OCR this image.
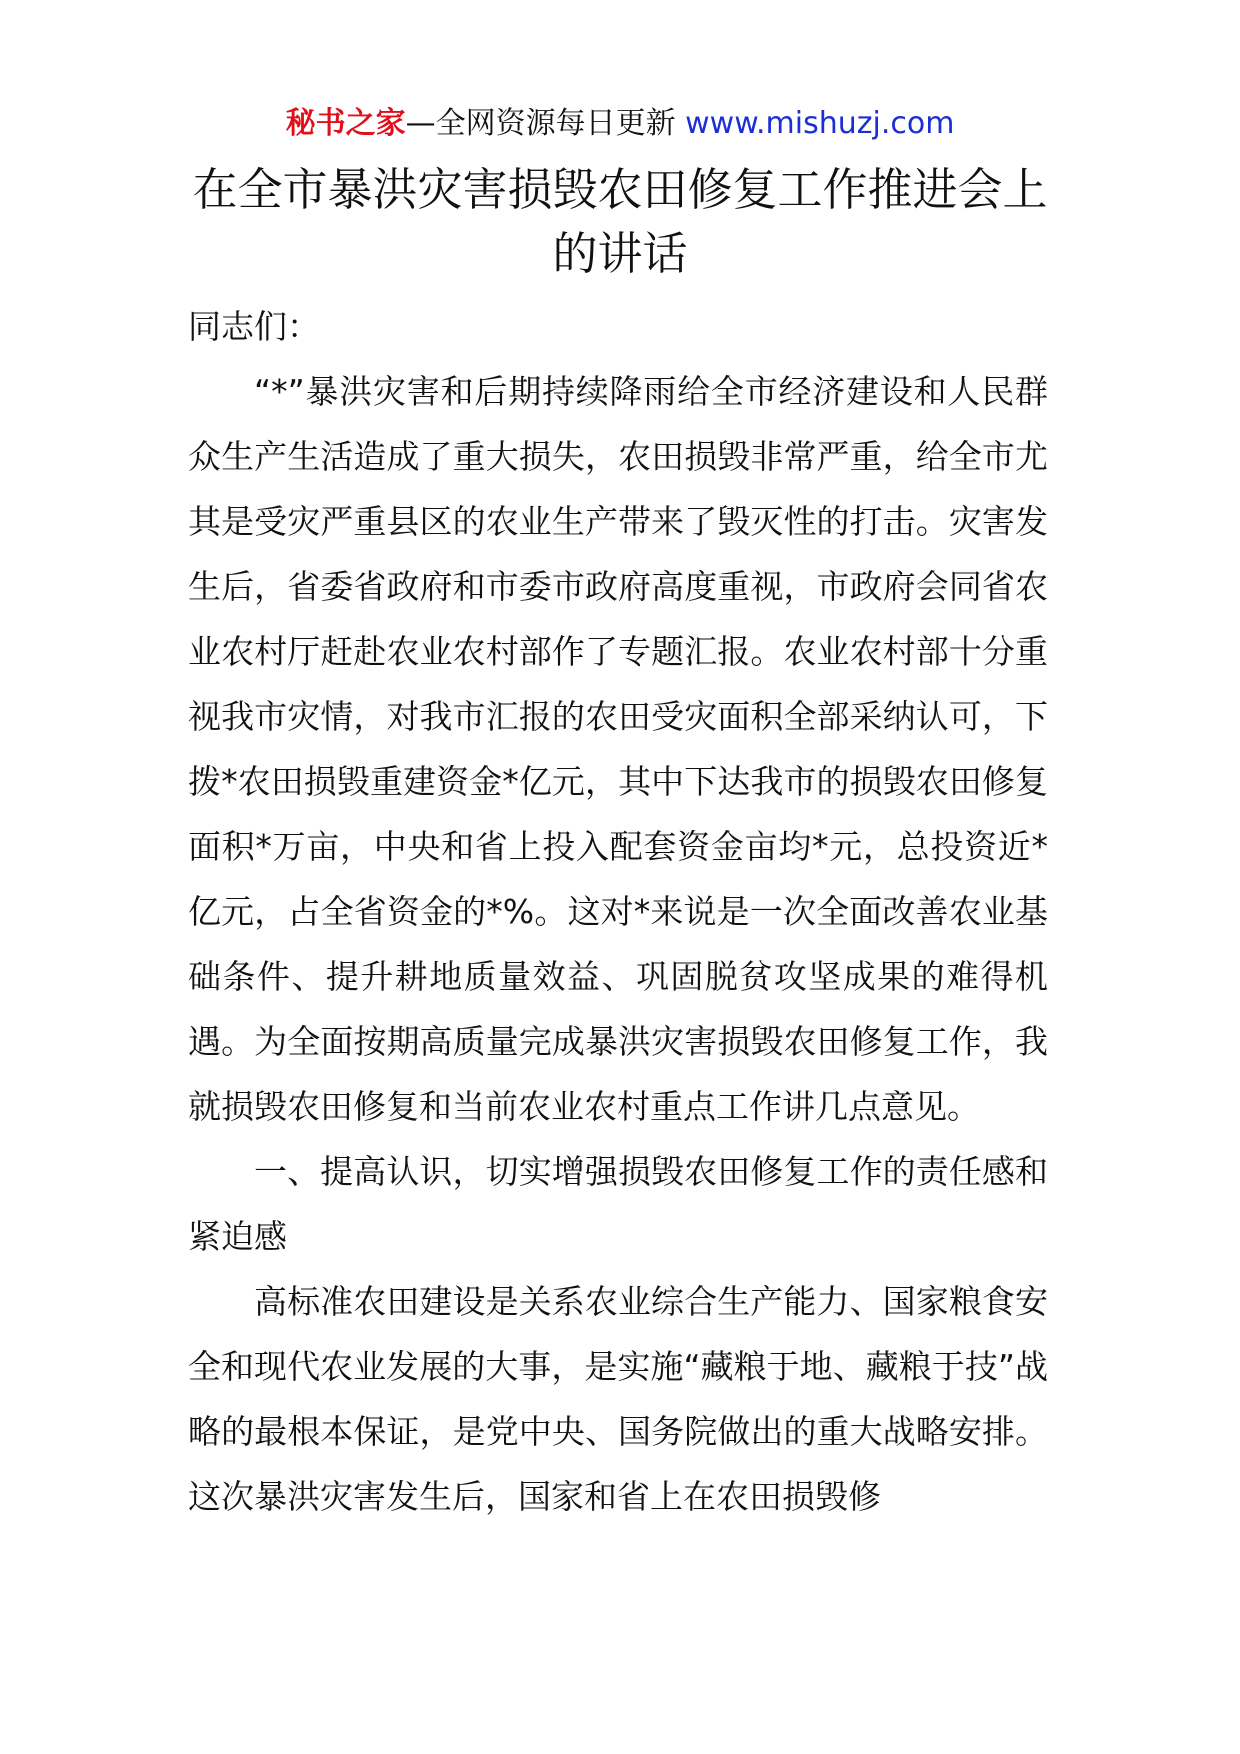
秘书之家—全网资源每日更新 www.mishuzj.com
在全市暴洪灾害损毁农田修复工作推进会上的讲话

同志们：

“*”暴洪灾害和后期持续降雨给全市经济建设和人民群众生产生活造成了重大损失，农田损毁非常严重，给全市尤其是受灾严重县区的农业生产带来了毁灭性的打击。灾害发生后，省委省政府和市委市政府高度重视，市政府会同省农业农村厅赶赴农业农村部作了专题汇报。农业农村部十分重视我市灾情，对我市汇报的农田受灾面积全部采纳认可，下拨*农田损毁重建资金*亿元，其中下达我市的损毁农田修复面积*万亩，中央和省上投入配套资金亩均*元，总投资近*亿元，占全省资金的*%。这对*来说是一次全面改善农业基础条件、提升耕地质量效益、巩固脱贫攻坚成果的难得机遇。为全面按期高质量完成暴洪灾害损毁农田修复工作，我就损毁农田修复和当前农业农村重点工作讲几点意见。

一、提高认识，切实增强损毁农田修复工作的责任感和紧迫感

高标准农田建设是关系农业综合生产能力、国家粮食安全和现代农业发展的大事，是实施“藏粮于地、藏粮于技”战略的最根本保证，是党中央、国务院做出的重大战略安排。这次暴洪灾害发生后，国家和省上在农田损毁修
